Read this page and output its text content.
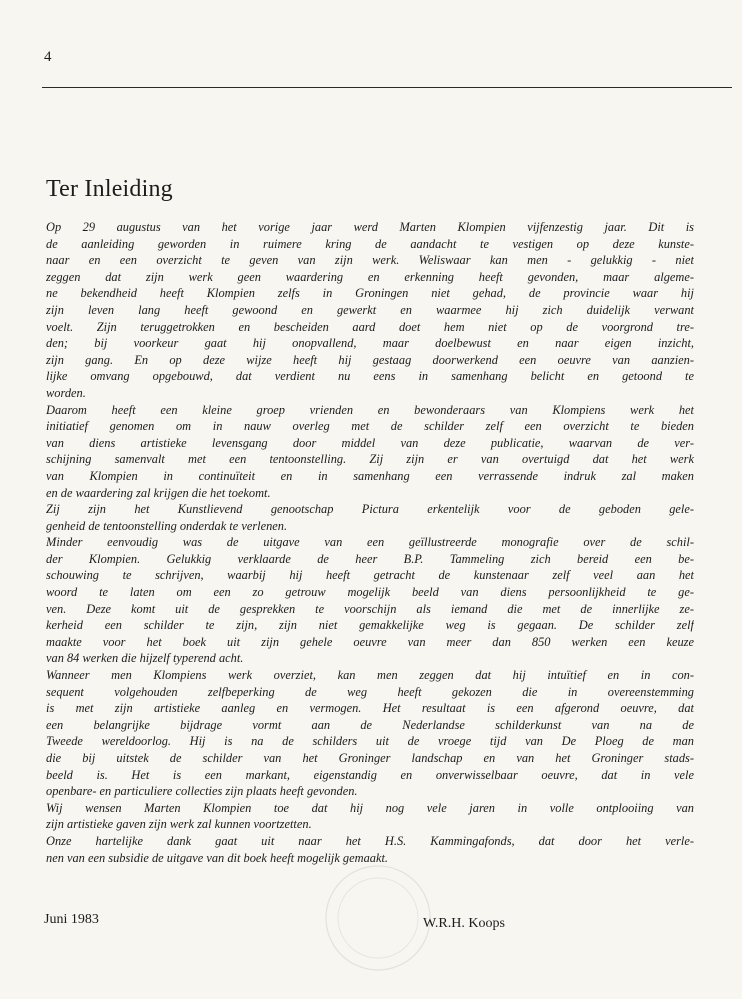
4
Ter Inleiding
Op 29 augustus van het vorige jaar werd Marten Klompien vijfenzestig jaar. Dit is
de aanleiding geworden in ruimere kring de aandacht te vestigen op deze kunste-
naar en een overzicht te geven van zijn werk. Weliswaar kan men - gelukkig - niet
zeggen dat zijn werk geen waardering en erkenning heeft gevonden, maar algeme-
ne bekendheid heeft Klompien zelfs in Groningen niet gehad, de provincie waar hij
zijn leven lang heeft gewoond en gewerkt en waarmee hij zich duidelijk verwant
voelt. Zijn teruggetrokken en bescheiden aard doet hem niet op de voorgrond tre-
den; bij voorkeur gaat hij onopvallend, maar doelbewust en naar eigen inzicht,
zijn gang. En op deze wijze heeft hij gestaag doorwerkend een oeuvre van aanzien-
lijke omvang opgebouwd, dat verdient nu eens in samenhang belicht en getoond te
worden.
Daarom heeft een kleine groep vrienden en bewonderaars van Klompiens werk het
initiatief genomen om in nauw overleg met de schilder zelf een overzicht te bieden
van diens artistieke levensgang door middel van deze publicatie, waarvan de ver-
schijning samenvalt met een tentoonstelling. Zij zijn er van overtuigd dat het werk
van Klompien in continuïteit en in samenhang een verrassende indruk zal maken
en de waardering zal krijgen die het toekomt.
Zij zijn het Kunstlievend genootschap Pictura erkentelijk voor de geboden gele-
genheid de tentoonstelling onderdak te verlenen.
Minder eenvoudig was de uitgave van een geïllustreerde monografie over de schil-
der Klompien. Gelukkig verklaarde de heer B.P. Tammeling zich bereid een be-
schouwing te schrijven, waarbij hij heeft getracht de kunstenaar zelf veel aan het
woord te laten om een zo getrouw mogelijk beeld van diens persoonlijkheid te ge-
ven. Deze komt uit de gesprekken te voorschijn als iemand die met de innerlijke ze-
kerheid een schilder te zijn, zijn niet gemakkelijke weg is gegaan. De schilder zelf
maakte voor het boek uit zijn gehele oeuvre van meer dan 850 werken een keuze
van 84 werken die hijzelf typerend acht.
Wanneer men Klompiens werk overziet, kan men zeggen dat hij intuïtief en in con-
sequent volgehouden zelfbeperking de weg heeft gekozen die in overeenstemming
is met zijn artistieke aanleg en vermogen. Het resultaat is een afgerond oeuvre, dat
een belangrijke bijdrage vormt aan de Nederlandse schilderkunst van na de
Tweede wereldoorlog. Hij is na de schilders uit de vroege tijd van De Ploeg de man
die bij uitstek de schilder van het Groninger landschap en van het Groninger stads-
beeld is. Het is een markant, eigenstandig en onverwisselbaar oeuvre, dat in vele
openbare- en particuliere collecties zijn plaats heeft gevonden.
Wij wensen Marten Klompien toe dat hij nog vele jaren in volle ontplooiing van
zijn artistieke gaven zijn werk zal kunnen voortzetten.
Onze hartelijke dank gaat uit naar het H.S. Kammingafonds, dat door het verle-
nen van een subsidie de uitgave van dit boek heeft mogelijk gemaakt.
Juni 1983	W.R.H. Koops
